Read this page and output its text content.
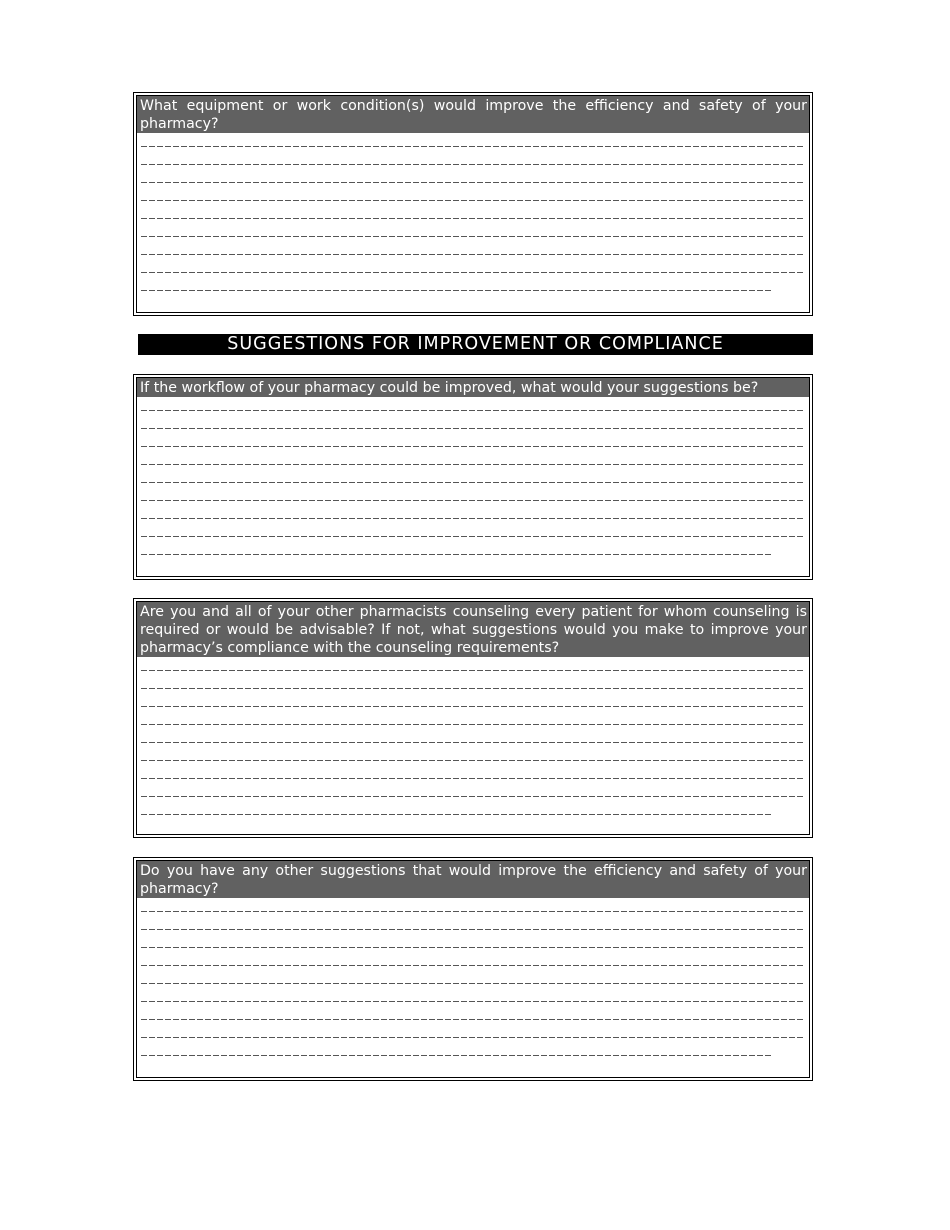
What equipment or work condition(s) would improve the efficiency and safety of your pharmacy?
SUGGESTIONS FOR IMPROVEMENT OR COMPLIANCE
If the workflow of your pharmacy could be improved, what would your suggestions be?
Are you and all of your other pharmacists counseling every patient for whom counseling is required or would be advisable? If not, what suggestions would you make to improve your pharmacy’s compliance with the counseling requirements?
Do you have any other suggestions that would improve the efficiency and safety of your pharmacy?
